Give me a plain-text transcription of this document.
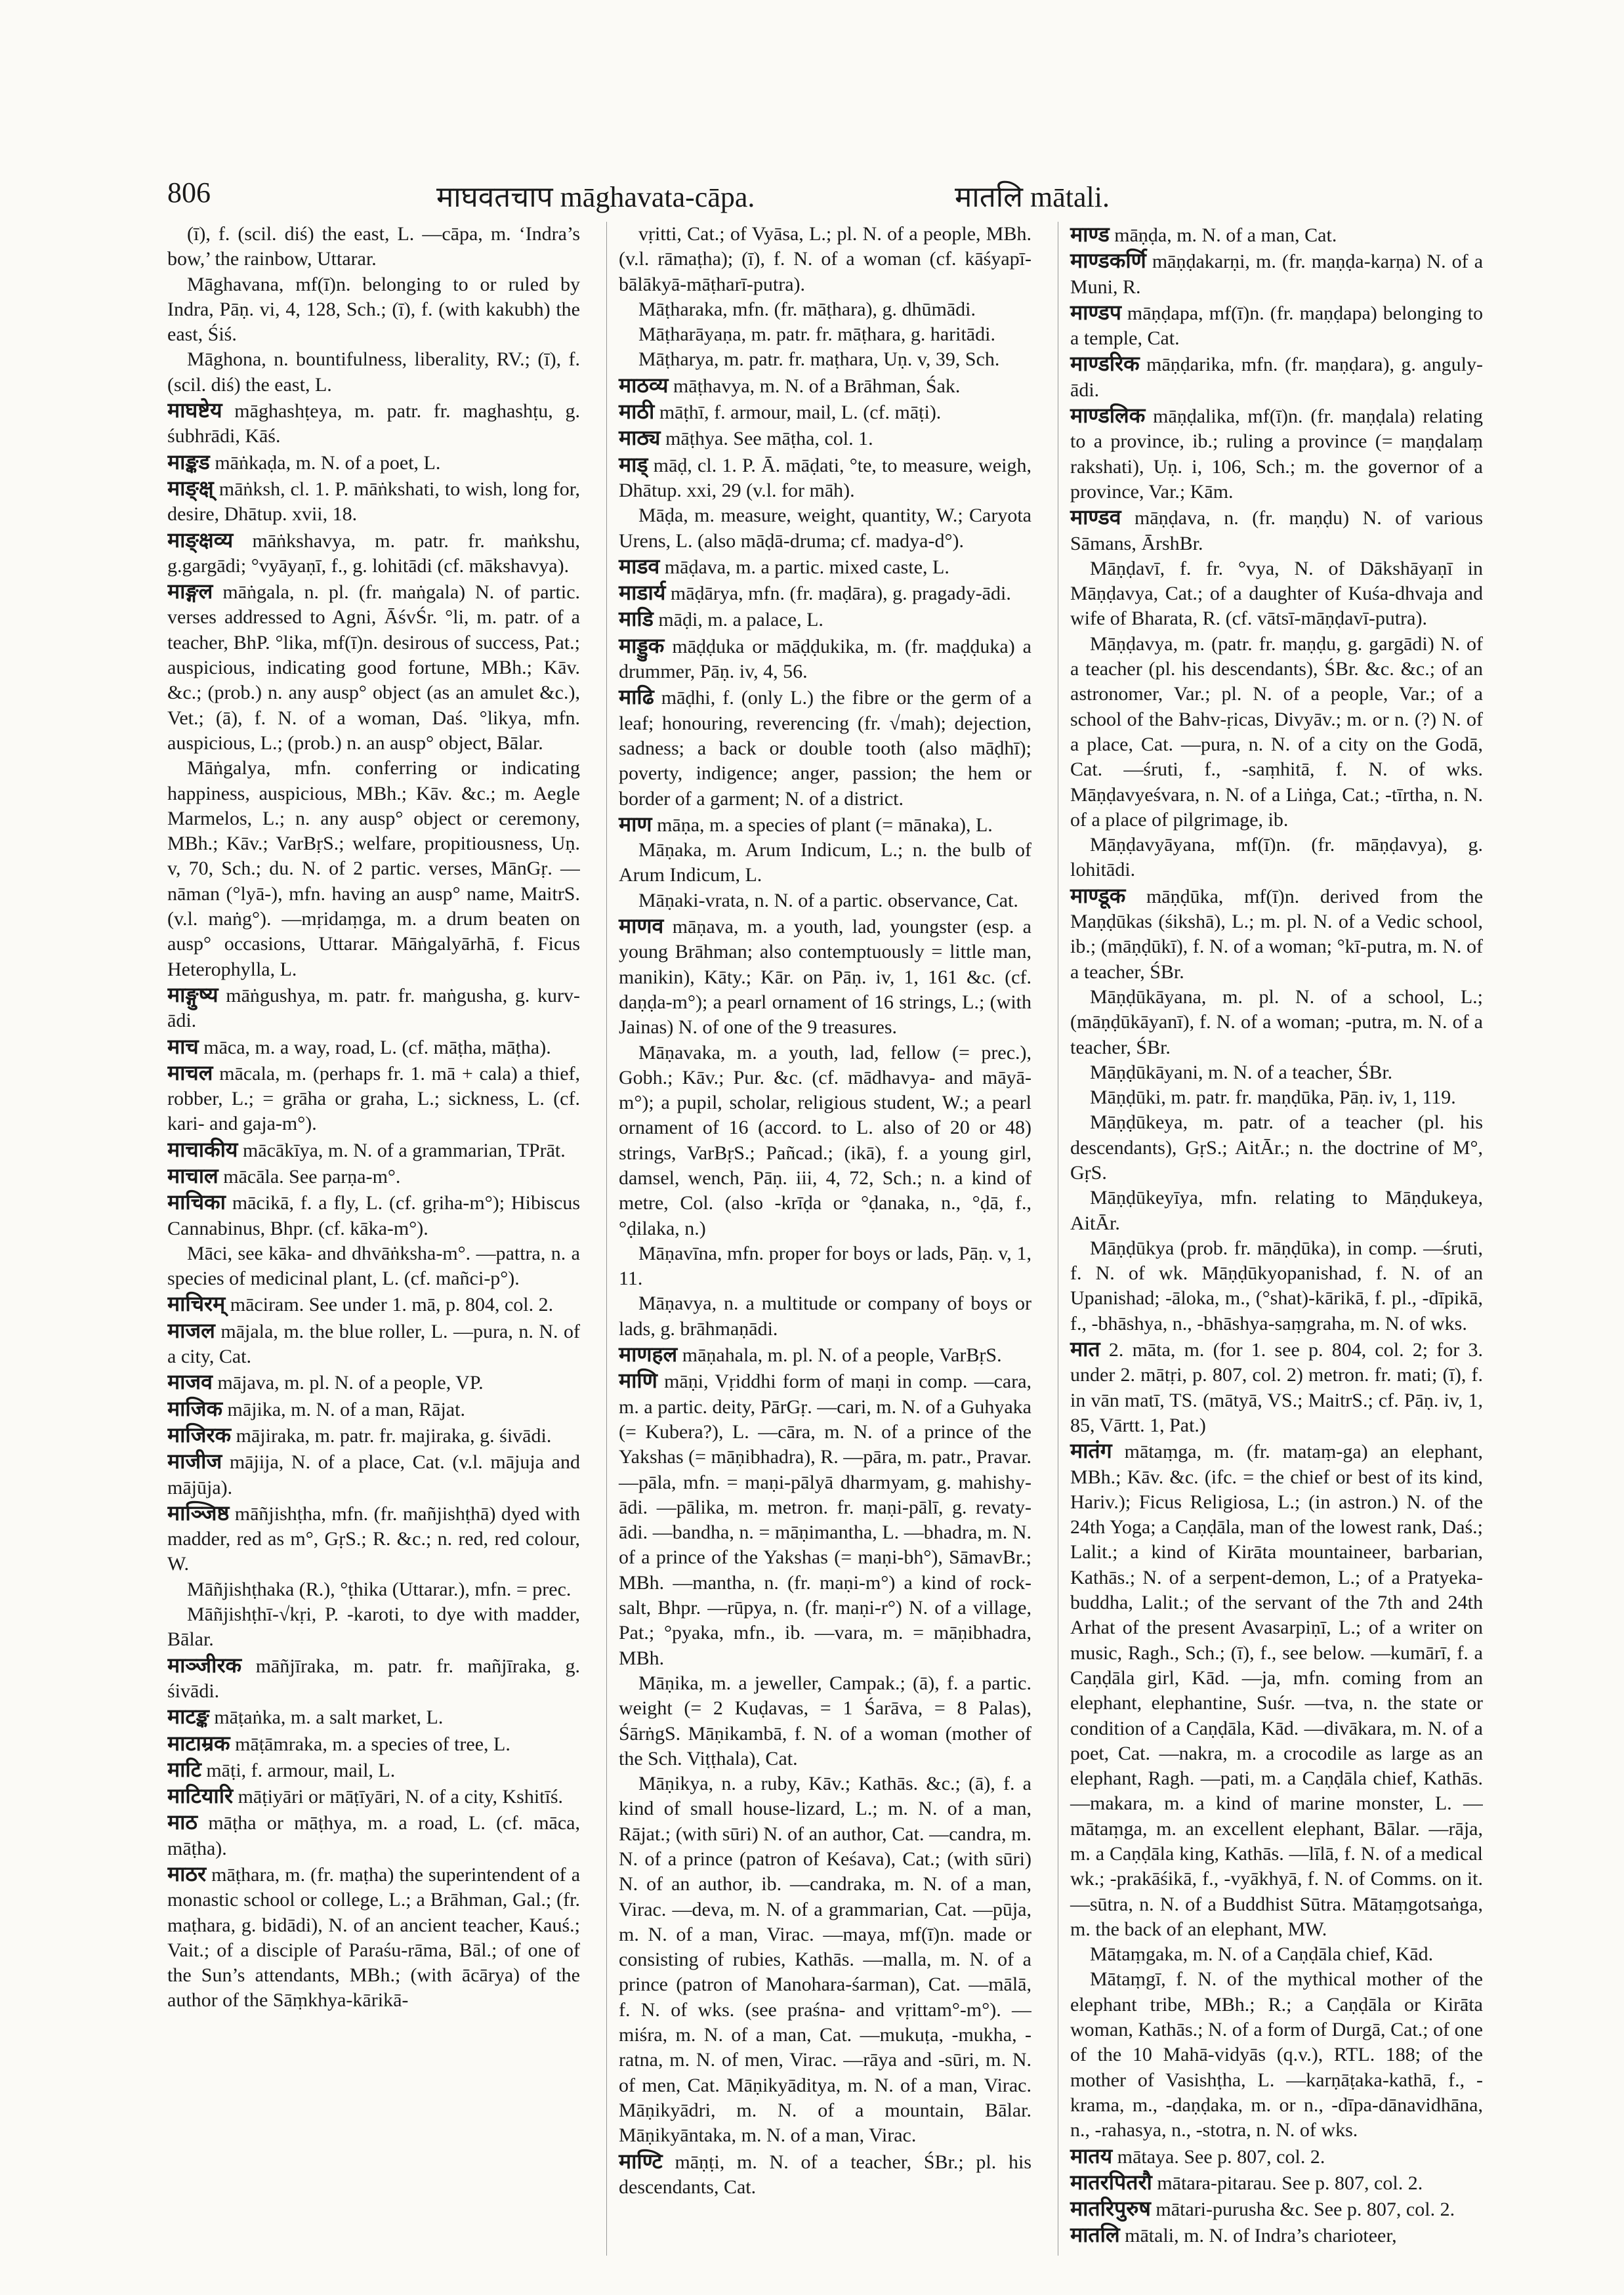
806	माघवतचाप māghavata-cāpa.	मातलि mātali.

(ī), f. (scil. diś) the east, L. —cāpa, m. ‘Indra’s bow,’ the rainbow, Uttarar.

Māghavana, mf(ī)n. belonging to or ruled by Indra, Pāṇ. vi, 4, 128, Sch.; (ī), f. (with kakubh) the east, Śiś.

Māghona, n. bountifulness, liberality, RV.; (ī), f. (scil. diś) the east, L.

माघष्टेय māghashṭeya, m. patr. fr. maghashṭu, g. śubhrādi, Kāś.

माङ्कड māṅkaḍa, m. N. of a poet, L.

माङ्क्ष् māṅksh, cl. 1. P. māṅkshati, to wish, long for, desire, Dhātup. xvii, 18.

माङ्क्षव्य māṅkshavya, m. patr. fr. maṅkshu, g.gargādi; °vyāyaṇī, f., g. lohitādi (cf. mākshavya).

माङ्गल māṅgala, n. pl. (fr. maṅgala) N. of partic. verses addressed to Agni, ĀśvŚr. °li, m. patr. of a teacher, BhP. °lika, mf(ī)n. desirous of success, Pat.; auspicious, indicating good fortune, MBh.; Kāv. &c.; (prob.) n. any ausp° object (as an amulet &c.), Vet.; (ā), f. N. of a woman, Daś. °likya, mfn. auspicious, L.; (prob.) n. an ausp° object, Bālar.

Māṅgalya, mfn. conferring or indicating happiness, auspicious, MBh.; Kāv. &c.; m. Aegle Marmelos, L.; n. any ausp° object or ceremony, MBh.; Kāv.; VarBṛS.; welfare, propitiousness, Uṇ. v, 70, Sch.; du. N. of 2 partic. verses, MānGṛ. —nāman (°lyā-), mfn. having an ausp° name, MaitrS. (v.l. maṅg°). —mṛidaṃga, m. a drum beaten on ausp° occasions, Uttarar. Māṅgalyārhā, f. Ficus Heterophylla, L.

माङ्गुष्य māṅgushya, m. patr. fr. maṅgusha, g. kurv-ādi.

माच māca, m. a way, road, L. (cf. māṭha, māṭha).

माचल mācala, m. (perhaps fr. 1. mā + cala) a thief, robber, L.; = grāha or graha, L.; sickness, L. (cf. kari- and gaja-m°).

माचाकीय mācākīya, m. N. of a grammarian, TPrāt.

माचाल mācāla. See parṇa-m°.

माचिका mācikā, f. a fly, L. (cf. gṛiha-m°); Hibiscus Cannabinus, Bhpr. (cf. kāka-m°).

Māci, see kāka- and dhvāṅksha-m°. —pattra, n. a species of medicinal plant, L. (cf. mañci-p°).

माचिरम् māciram. See under 1. mā, p. 804, col. 2.

माजल mājala, m. the blue roller, L. —pura, n. N. of a city, Cat.

माजव mājava, m. pl. N. of a people, VP.

माजिक mājika, m. N. of a man, Rājat.

माजिरक mājiraka, m. patr. fr. majiraka, g. śivādi.

माजीज mājija, N. of a place, Cat. (v.l. mājuja and mājūja).

माञ्जिष्ठ māñjishṭha, mfn. (fr. mañjishṭhā) dyed with madder, red as m°, GṛS.; R. &c.; n. red, red colour, W.

Māñjishṭhaka (R.), °ṭhika (Uttarar.), mfn. = prec.

Māñjishṭhī-√kṛi, P. -karoti, to dye with madder, Bālar.

माञ्जीरक māñjīraka, m. patr. fr. mañjīraka, g. śivādi.

माटङ्क māṭaṅka, m. a salt market, L.

माटाम्रक māṭāmraka, m. a species of tree, L.

माटि māṭi, f. armour, mail, L.

माटियारि māṭiyāri or māṭīyāri, N. of a city, Kshitīś.

माठ māṭha or māṭhya, m. a road, L. (cf. māca, māṭha).

माठर māṭhara, m. (fr. maṭha) the superintendent of a monastic school or college, L.; a Brāhman, Gal.; (fr. maṭhara, g. bidādi), N. of an ancient teacher, Kauś.; Vait.; of a disciple of Paraśu-rāma, Bāl.; of one of the Sun’s attendants, MBh.; (with ācārya) of the author of the Sāṃkhya-kārikā-

vṛitti, Cat.; of Vyāsa, L.; pl. N. of a people, MBh. (v.l. rāmaṭha); (ī), f. N. of a woman (cf. kāśyapī-bālākyā-māṭharī-putra).

Māṭharaka, mfn. (fr. māṭhara), g. dhūmādi.

Māṭharāyaṇa, m. patr. fr. māṭhara, g. haritādi.

Māṭharya, m. patr. fr. maṭhara, Uṇ. v, 39, Sch.

माठव्य māṭhavya, m. N. of a Brāhman, Śak.

माठी māṭhī, f. armour, mail, L. (cf. māṭi).

माठ्य māṭhya. See māṭha, col. 1.

माड् māḍ, cl. 1. P. Ā. māḍati, °te, to measure, weigh, Dhātup. xxi, 29 (v.l. for māh).

Māḍa, m. measure, weight, quantity, W.; Caryota Urens, L. (also māḍā-druma; cf. madya-d°).

माडव māḍava, m. a partic. mixed caste, L.

माडार्य māḍārya, mfn. (fr. maḍāra), g. pragady-ādi.

माडि māḍi, m. a palace, L.

माड्डुक māḍḍuka or māḍḍukika, m. (fr. maḍḍuka) a drummer, Pāṇ. iv, 4, 56.

माढि māḍhi, f. (only L.) the fibre or the germ of a leaf; honouring, reverencing (fr. √mah); dejection, sadness; a back or double tooth (also māḍhī); poverty, indigence; anger, passion; the hem or border of a garment; N. of a district.

माण māṇa, m. a species of plant (= mānaka), L.

Māṇaka, m. Arum Indicum, L.; n. the bulb of Arum Indicum, L.

Māṇaki-vrata, n. N. of a partic. observance, Cat.

माणव māṇava, m. a youth, lad, youngster (esp. a young Brāhman; also contemptuously = little man, manikin), Kāty.; Kār. on Pāṇ. iv, 1, 161 &c. (cf. daṇḍa-m°); a pearl ornament of 16 strings, L.; (with Jainas) N. of one of the 9 treasures.

Māṇavaka, m. a youth, lad, fellow (= prec.), Gobh.; Kāv.; Pur. &c. (cf. mādhavya- and māyā-m°); a pupil, scholar, religious student, W.; a pearl ornament of 16 (accord. to L. also of 20 or 48) strings, VarBṛS.; Pañcad.; (ikā), f. a young girl, damsel, wench, Pāṇ. iii, 4, 72, Sch.; n. a kind of metre, Col. (also -krīḍa or °ḍanaka, n., °ḍā, f., °ḍilaka, n.)

Māṇavīna, mfn. proper for boys or lads, Pāṇ. v, 1, 11.

Māṇavya, n. a multitude or company of boys or lads, g. brāhmaṇādi.

माणहल māṇahala, m. pl. N. of a people, VarBṛS.

माणि māṇi, Vṛiddhi form of maṇi in comp. —cara, m. a partic. deity, PārGṛ. —cari, m. N. of a Guhyaka (= Kubera?), L. —cāra, m. N. of a prince of the Yakshas (= māṇibhadra), R. —pāra, m. patr., Pravar. —pāla, mfn. = maṇi-pālyā dharmyam, g. mahishy-ādi. —pālika, m. metron. fr. maṇi-pālī, g. revaty-ādi. —bandha, n. = māṇimantha, L. —bhadra, m. N. of a prince of the Yakshas (= maṇi-bh°), SāmavBr.; MBh. —mantha, n. (fr. maṇi-m°) a kind of rock-salt, Bhpr. —rūpya, n. (fr. maṇi-r°) N. of a village, Pat.; °pyaka, mfn., ib. —vara, m. = māṇibhadra, MBh.

Māṇika, m. a jeweller, Campak.; (ā), f. a partic. weight (= 2 Kuḍavas, = 1 Śarāva, = 8 Palas), ŚārṅgS. Māṇikambā, f. N. of a woman (mother of the Sch. Viṭṭhala), Cat.

Māṇikya, n. a ruby, Kāv.; Kathās. &c.; (ā), f. a kind of small house-lizard, L.; m. N. of a man, Rājat.; (with sūri) N. of an author, Cat. —candra, m. N. of a prince (patron of Keśava), Cat.; (with sūri) N. of an author, ib. —candraka, m. N. of a man, Virac. —deva, m. N. of a grammarian, Cat. —pūja, m. N. of a man, Virac. —maya, mf(ī)n. made or consisting of rubies, Kathās. —malla, m. N. of a prince (patron of Manohara-śarman), Cat. —mālā, f. N. of wks. (see praśna- and vṛittam°-m°). —miśra, m. N. of a man, Cat. —mukuṭa, -mukha, -ratna, m. N. of men, Virac. —rāya and -sūri, m. N. of men, Cat. Māṇikyāditya, m. N. of a man, Virac. Māṇikyādri, m. N. of a mountain, Bālar. Māṇikyāntaka, m. N. of a man, Virac.

माण्टि māṇṭi, m. N. of a teacher, ŚBr.; pl. his descendants, Cat.

माण्ड māṇḍa, m. N. of a man, Cat.

माण्डकर्णि māṇḍakarṇi, m. (fr. maṇḍa-karṇa) N. of a Muni, R.

माण्डप māṇḍapa, mf(ī)n. (fr. maṇḍapa) belonging to a temple, Cat.

माण्डरिक māṇḍarika, mfn. (fr. maṇḍara), g. anguly-ādi.

माण्डलिक māṇḍalika, mf(ī)n. (fr. maṇḍala) relating to a province, ib.; ruling a province (= maṇḍalaṃ rakshati), Uṇ. i, 106, Sch.; m. the governor of a province, Var.; Kām.

माण्डव māṇḍava, n. (fr. maṇḍu) N. of various Sāmans, ĀrshBr.

Māṇḍavī, f. fr. °vya, N. of Dākshāyaṇī in Māṇḍavya, Cat.; of a daughter of Kuśa-dhvaja and wife of Bharata, R. (cf. vātsī-māṇḍavī-putra).

Māṇḍavya, m. (patr. fr. maṇḍu, g. gargādi) N. of a teacher (pl. his descendants), ŚBr. &c. &c.; of an astronomer, Var.; pl. N. of a people, Var.; of a school of the Bahv-ṛicas, Divyāv.; m. or n. (?) N. of a place, Cat. —pura, n. N. of a city on the Godā, Cat. —śruti, f., -saṃhitā, f. N. of wks. Māṇḍavyeśvara, n. N. of a Liṅga, Cat.; -tīrtha, n. N. of a place of pilgrimage, ib.

Māṇḍavyāyana, mf(ī)n. (fr. māṇḍavya), g. lohitādi.

माण्डूक māṇḍūka, mf(ī)n. derived from the Maṇḍūkas (śikshā), L.; m. pl. N. of a Vedic school, ib.; (māṇḍūkī), f. N. of a woman; °kī-putra, m. N. of a teacher, ŚBr.

Māṇḍūkāyana, m. pl. N. of a school, L.; (māṇḍūkāyanī), f. N. of a woman; -putra, m. N. of a teacher, ŚBr.

Māṇḍūkāyani, m. N. of a teacher, ŚBr.

Māṇḍūki, m. patr. fr. maṇḍūka, Pāṇ. iv, 1, 119.

Māṇḍūkeya, m. patr. of a teacher (pl. his descendants), GṛS.; AitĀr.; n. the doctrine of M°, GṛS.

Māṇḍūkeyīya, mfn. relating to Māṇḍukeya, AitĀr.

Māṇḍūkya (prob. fr. māṇḍūka), in comp. —śruti, f. N. of wk. Māṇḍūkyopanishad, f. N. of an Upanishad; -āloka, m., (°shat)-kārikā, f. pl., -dīpikā, f., -bhāshya, n., -bhāshya-saṃgraha, m. N. of wks.

मात 2. māta, m. (for 1. see p. 804, col. 2; for 3. under 2. mātṛi, p. 807, col. 2) metron. fr. mati; (ī), f. in vān matī, TS. (mātyā, VS.; MaitrS.; cf. Pāṇ. iv, 1, 85, Vārtt. 1, Pat.)

मातंग mātaṃga, m. (fr. mataṃ-ga) an elephant, MBh.; Kāv. &c. (ifc. = the chief or best of its kind, Hariv.); Ficus Religiosa, L.; (in astron.) N. of the 24th Yoga; a Caṇḍāla, man of the lowest rank, Daś.; Lalit.; a kind of Kirāta mountaineer, barbarian, Kathās.; N. of a serpent-demon, L.; of a Pratyeka-buddha, Lalit.; of the servant of the 7th and 24th Arhat of the present Avasarpiṇī, L.; of a writer on music, Ragh., Sch.; (ī), f., see below. —kumārī, f. a Caṇḍāla girl, Kād. —ja, mfn. coming from an elephant, elephantine, Suśr. —tva, n. the state or condition of a Caṇḍāla, Kād. —divākara, m. N. of a poet, Cat. —nakra, m. a crocodile as large as an elephant, Ragh. —pati, m. a Caṇḍāla chief, Kathās. —makara, m. a kind of marine monster, L. —mātaṃga, m. an excellent elephant, Bālar. —rāja, m. a Caṇḍāla king, Kathās. —līlā, f. N. of a medical wk.; -prakāśikā, f., -vyākhyā, f. N. of Comms. on it. —sūtra, n. N. of a Buddhist Sūtra. Mātaṃgotsaṅga, m. the back of an elephant, MW.

Mātaṃgaka, m. N. of a Caṇḍāla chief, Kād.

Mātaṃgī, f. N. of the mythical mother of the elephant tribe, MBh.; R.; a Caṇḍāla or Kirāta woman, Kathās.; N. of a form of Durgā, Cat.; of one of the 10 Mahā-vidyās (q.v.), RTL. 188; of the mother of Vasishṭha, L. —karṇāṭaka-kathā, f., -krama, m., -daṇḍaka, m. or n., -dīpa-dānavidhāna, n., -rahasya, n., -stotra, n. N. of wks.

मातय mātaya. See p. 807, col. 2.

मातरपितरौ mātara-pitarau. See p. 807, col. 2.

मातरिपुरुष mātari-purusha &c. See p. 807, col. 2.

मातलि mātali, m. N. of Indra’s charioteer,
